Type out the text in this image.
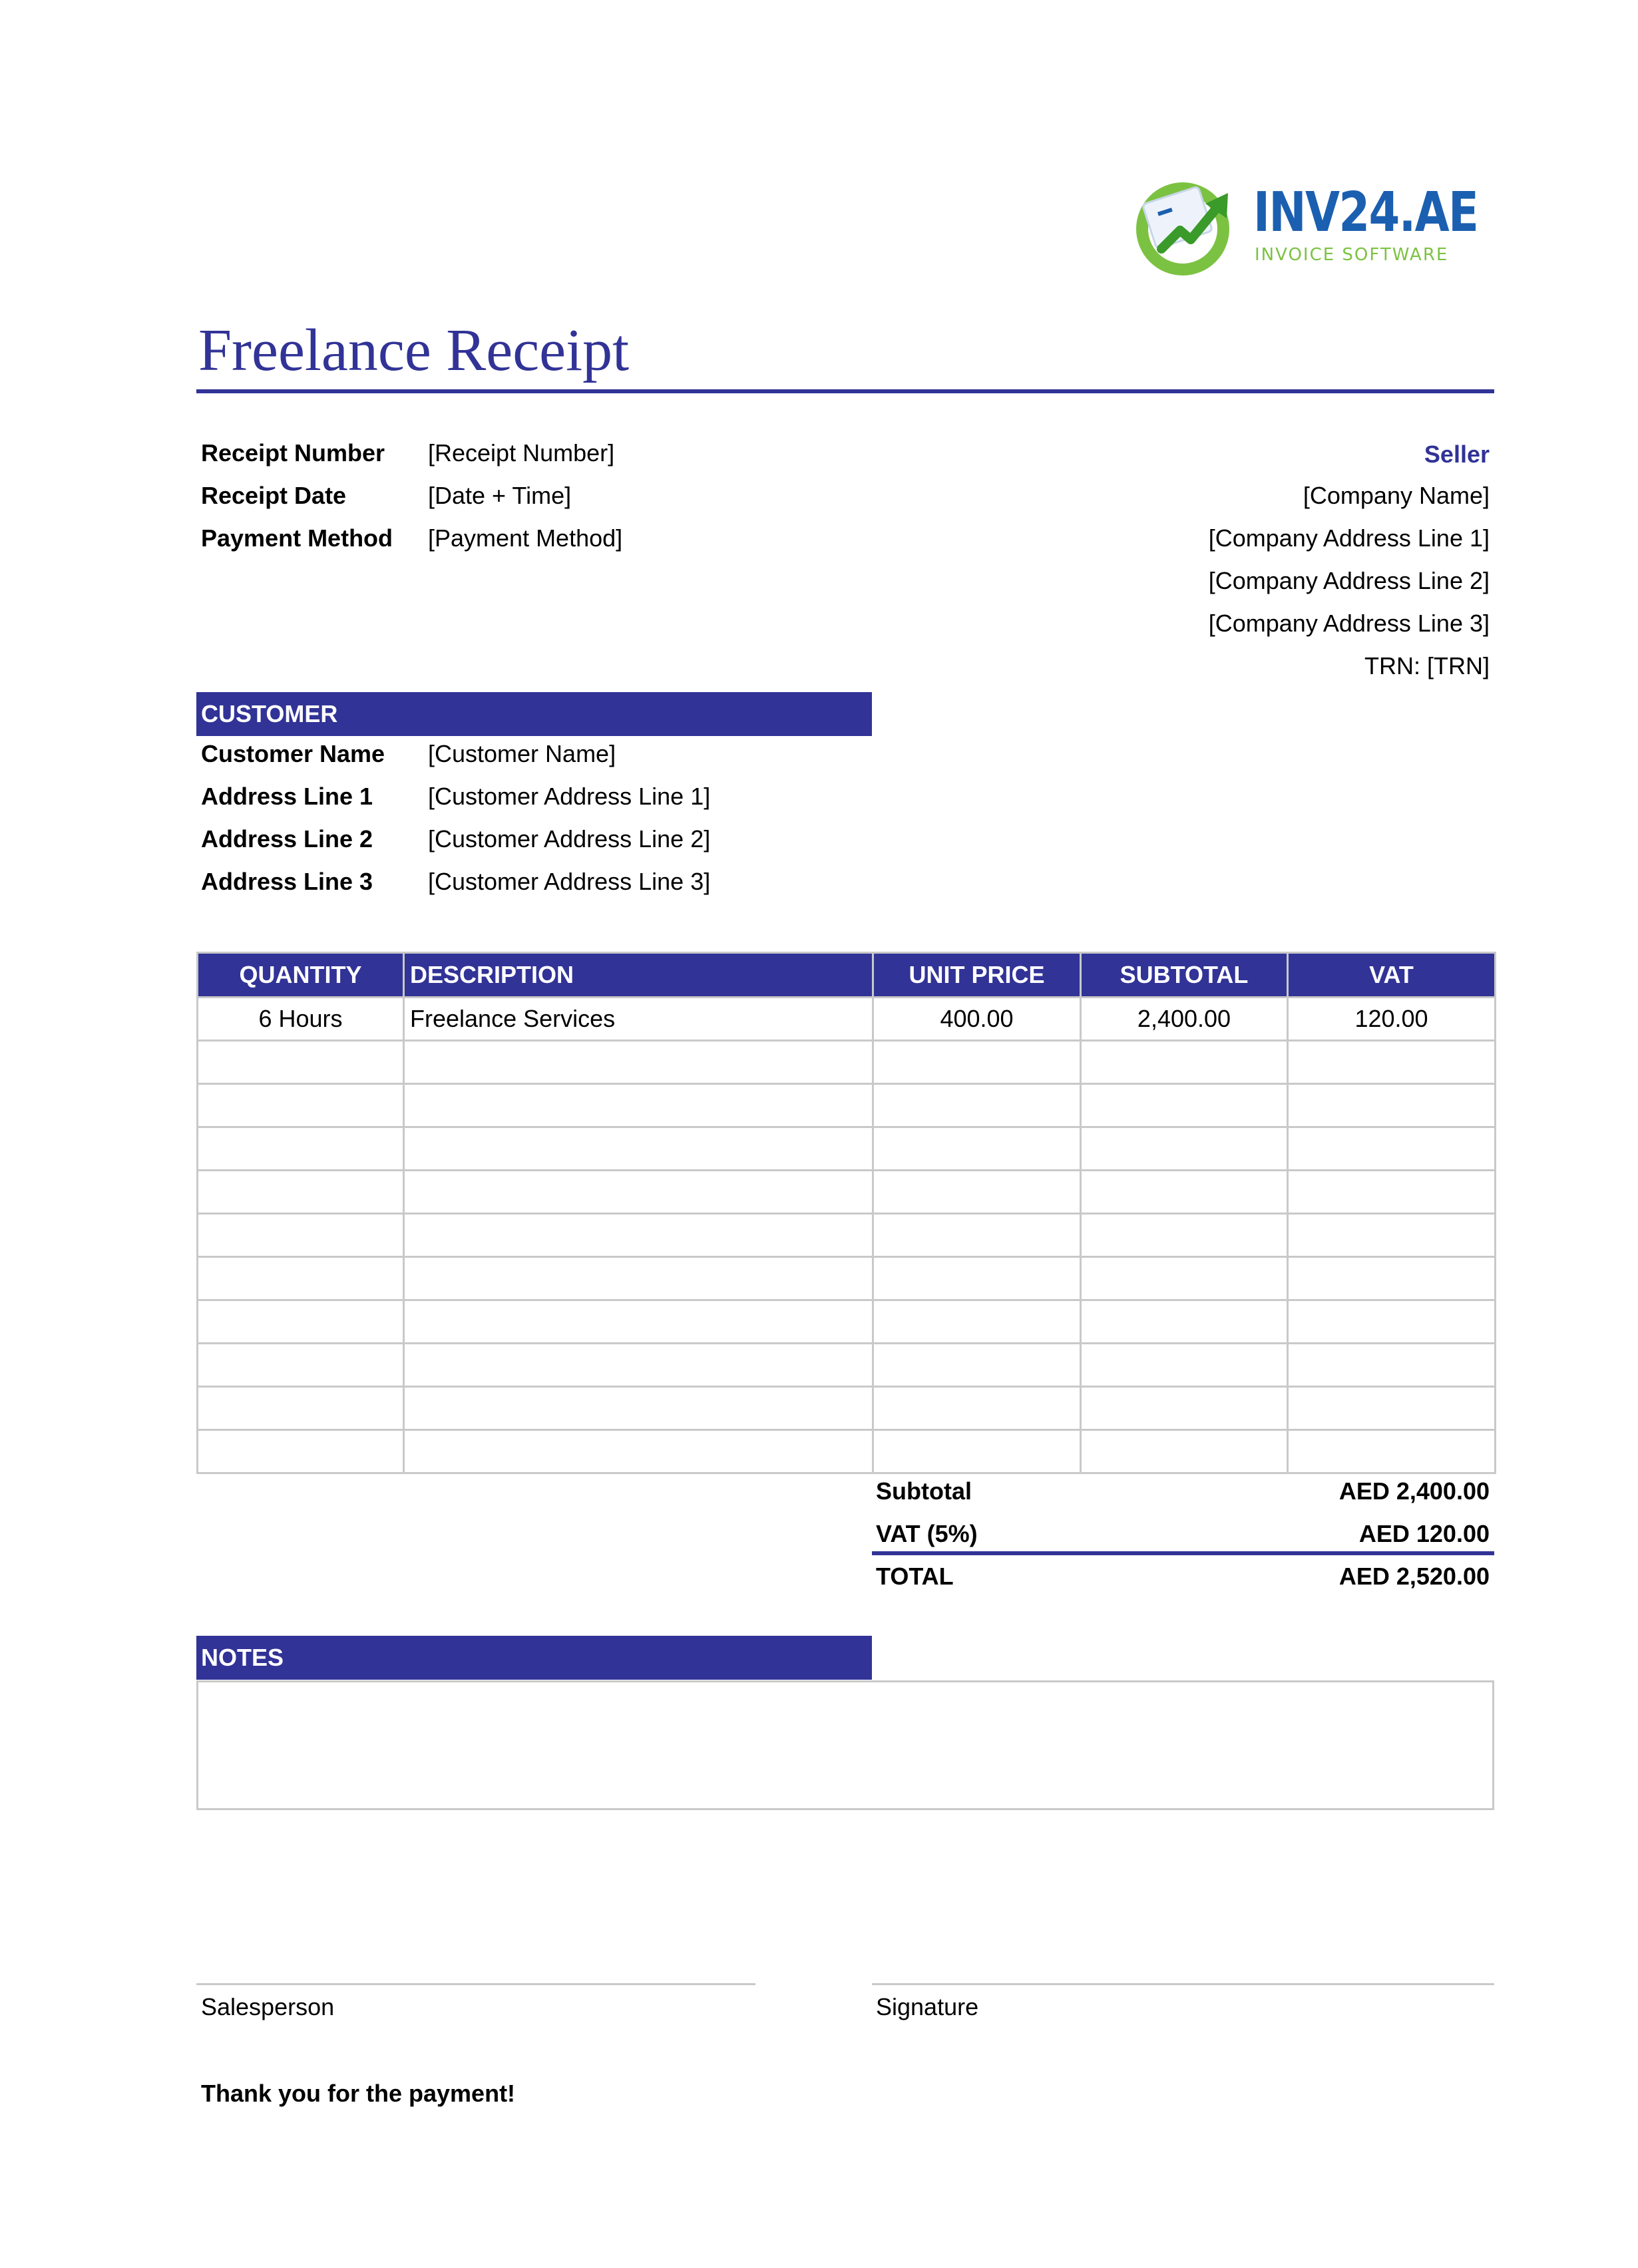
INV24.AE
INVOICE SOFTWARE
Freelance Receipt
Receipt Number [Receipt Number]
Receipt Date	[Date + Time]
Payment Method [Payment Method]
Seller
[Company Name]
[Company Address Line 1]
[Company Address Line 2]
[Company Address Line 3]
TRN: [TRN]
CUSTOMER
Customer Name [Customer Name]
Address Line 1 [Customer Address Line 1]
Address Line 2 [Customer Address Line 2]
Address Line 3 [Customer Address Line 3]
QUANTITY	DESCRIPTION	UNIT PRICE	SUBTOTAL	VAT
6 Hours	Freelance Services	400.00	2,400.00	120.00

Subtotal	AED 2,400.00
VAT (5%)	AED 120.00
TOTAL	AED 2,520.00
NOTES
Salesperson	Signature
Thank you for the payment!
